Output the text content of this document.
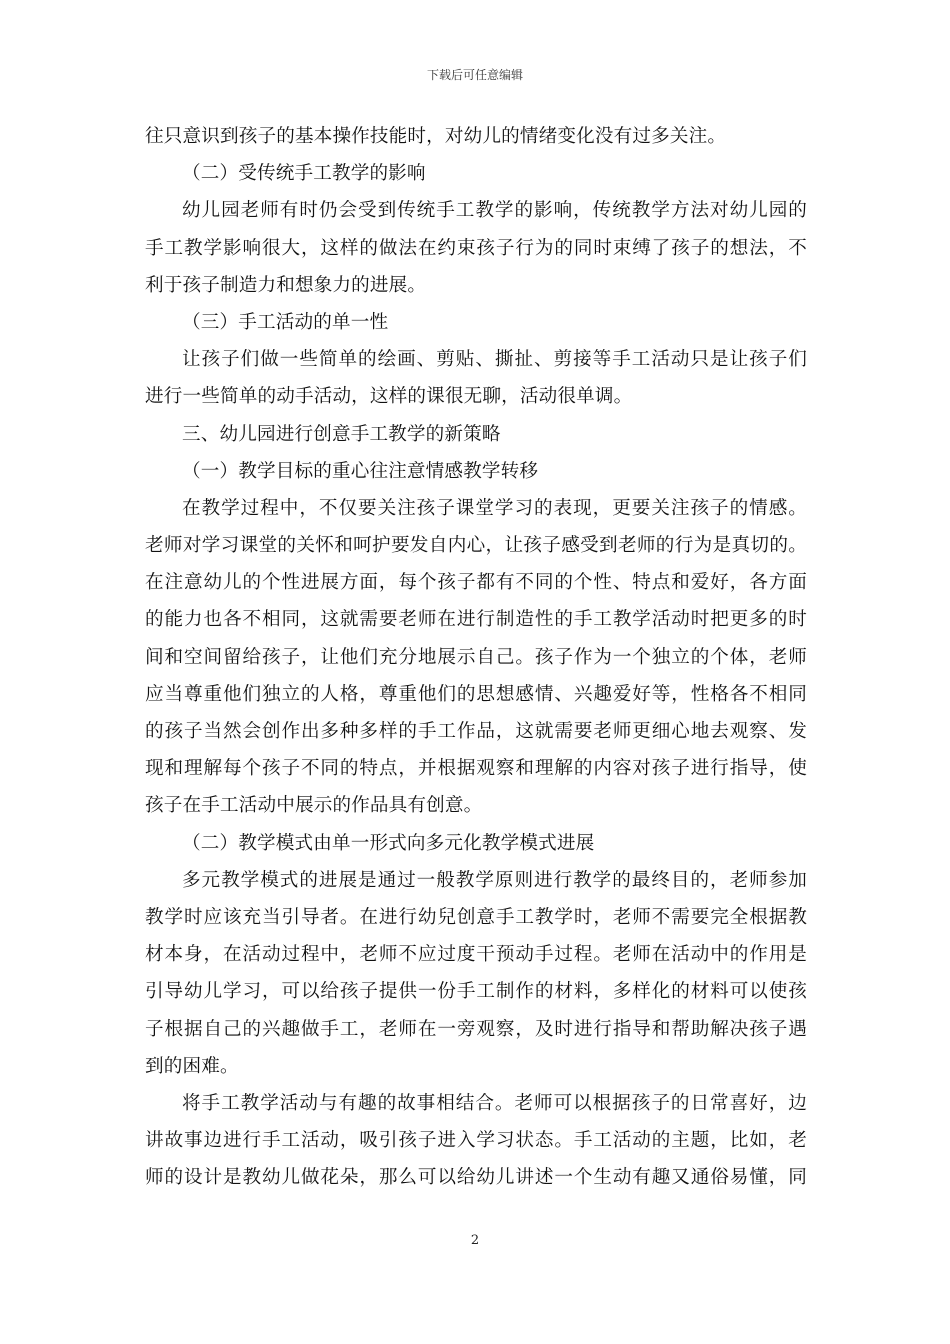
下载后可任意编辑
往只意识到孩子的基本操作技能时，对幼儿的情绪变化没有过多关注。
（二）受传统手工教学的影响
幼儿园老师有时仍会受到传统手工教学的影响，传统教学方法对幼儿园的
手工教学影响很大，这样的做法在约束孩子行为的同时束缚了孩子的想法，不
利于孩子制造力和想象力的进展。
（三）手工活动的单一性
让孩子们做一些简单的绘画、剪贴、撕扯、剪接等手工活动只是让孩子们
进行一些简单的动手活动，这样的课很无聊，活动很单调。
三、幼儿园进行创意手工教学的新策略
（一）教学目标的重心往注意情感教学转移
在教学过程中，不仅要关注孩子课堂学习的表现，更要关注孩子的情感。
老师对学习课堂的关怀和呵护要发自内心，让孩子感受到老师的行为是真切的。
在注意幼儿的个性进展方面，每个孩子都有不同的个性、特点和爱好，各方面
的能力也各不相同，这就需要老师在进行制造性的手工教学活动时把更多的时
间和空间留给孩子，让他们充分地展示自己。孩子作为一个独立的个体，老师
应当尊重他们独立的人格，尊重他们的思想感情、兴趣爱好等，性格各不相同
的孩子当然会创作出多种多样的手工作品，这就需要老师更细心地去观察、发
现和理解每个孩子不同的特点，并根据观察和理解的内容对孩子进行指导，使
孩子在手工活动中展示的作品具有创意。
（二）教学模式由单一形式向多元化教学模式进展
多元教学模式的进展是通过一般教学原则进行教学的最终目的，老师参加
教学时应该充当引导者。在进行幼兒创意手工教学时，老师不需要完全根据教
材本身，在活动过程中，老师不应过度干预动手过程。老师在活动中的作用是
引导幼儿学习，可以给孩子提供一份手工制作的材料，多样化的材料可以使孩
子根据自己的兴趣做手工，老师在一旁观察，及时进行指导和帮助解决孩子遇
到的困难。
将手工教学活动与有趣的故事相结合。老师可以根据孩子的日常喜好，边
讲故事边进行手工活动，吸引孩子进入学习状态。手工活动的主题，比如，老
师的设计是教幼儿做花朵，那么可以给幼儿讲述一个生动有趣又通俗易懂，同
2
